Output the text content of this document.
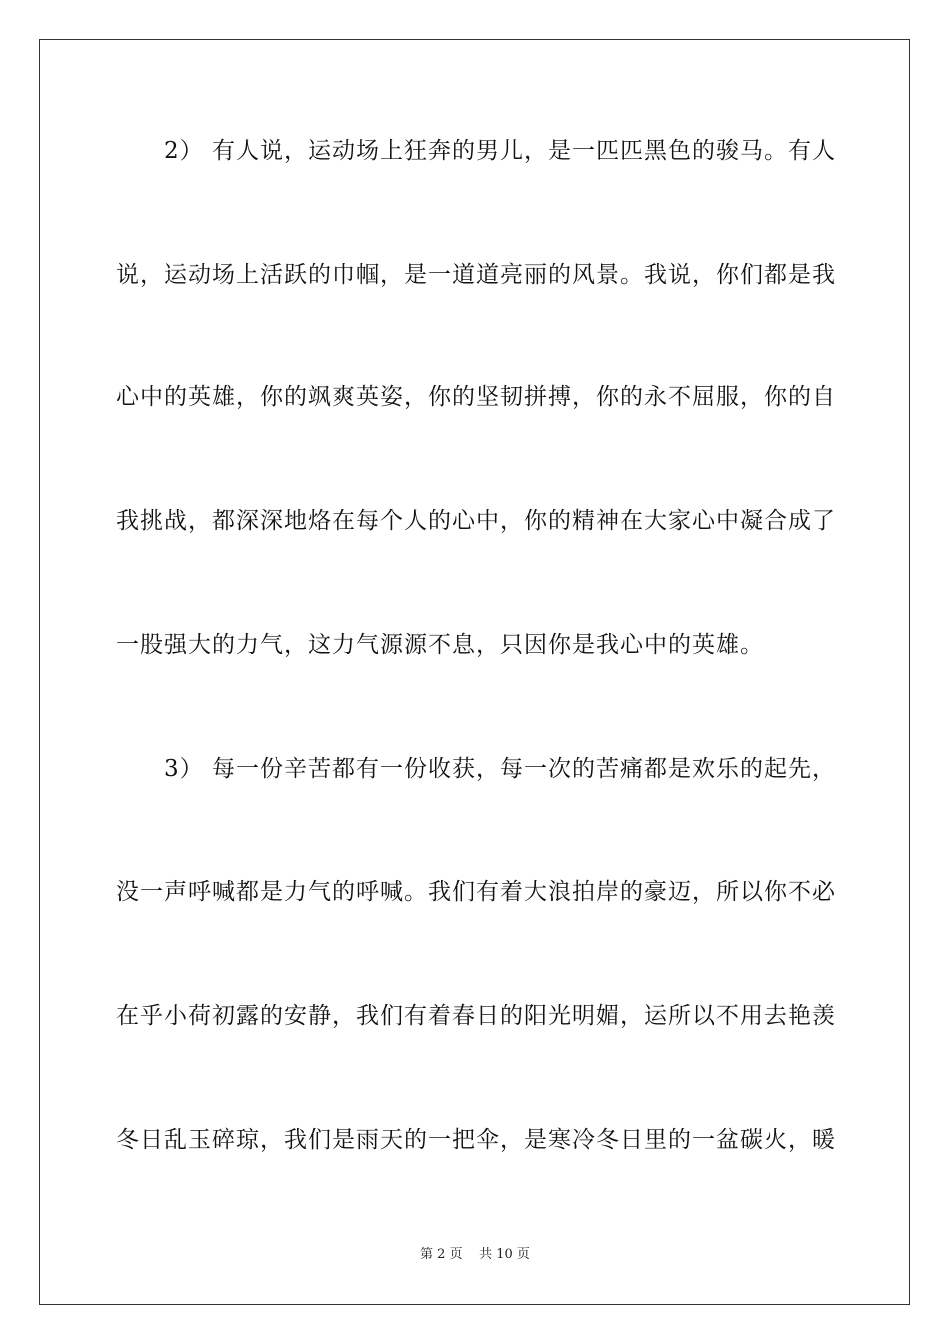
　　2） 有人说，运动场上狂奔的男儿，是一匹匹黑色的骏马。有人
说，运动场上活跃的巾帼，是一道道亮丽的风景。我说，你们都是我
心中的英雄，你的飒爽英姿，你的坚韧拼搏，你的永不屈服，你的自
我挑战，都深深地烙在每个人的心中，你的精神在大家心中凝合成了
一股强大的力气，这力气源源不息，只因你是我心中的英雄。
　　3） 每一份辛苦都有一份收获，每一次的苦痛都是欢乐的起先，
没一声呼喊都是力气的呼喊。我们有着大浪拍岸的豪迈，所以你不必
在乎小荷初露的安静，我们有着春日的阳光明媚，运所以不用去艳羡
冬日乱玉碎琼，我们是雨天的一把伞，是寒冷冬日里的一盆碳火，暖
第 2 页 共 10 页
